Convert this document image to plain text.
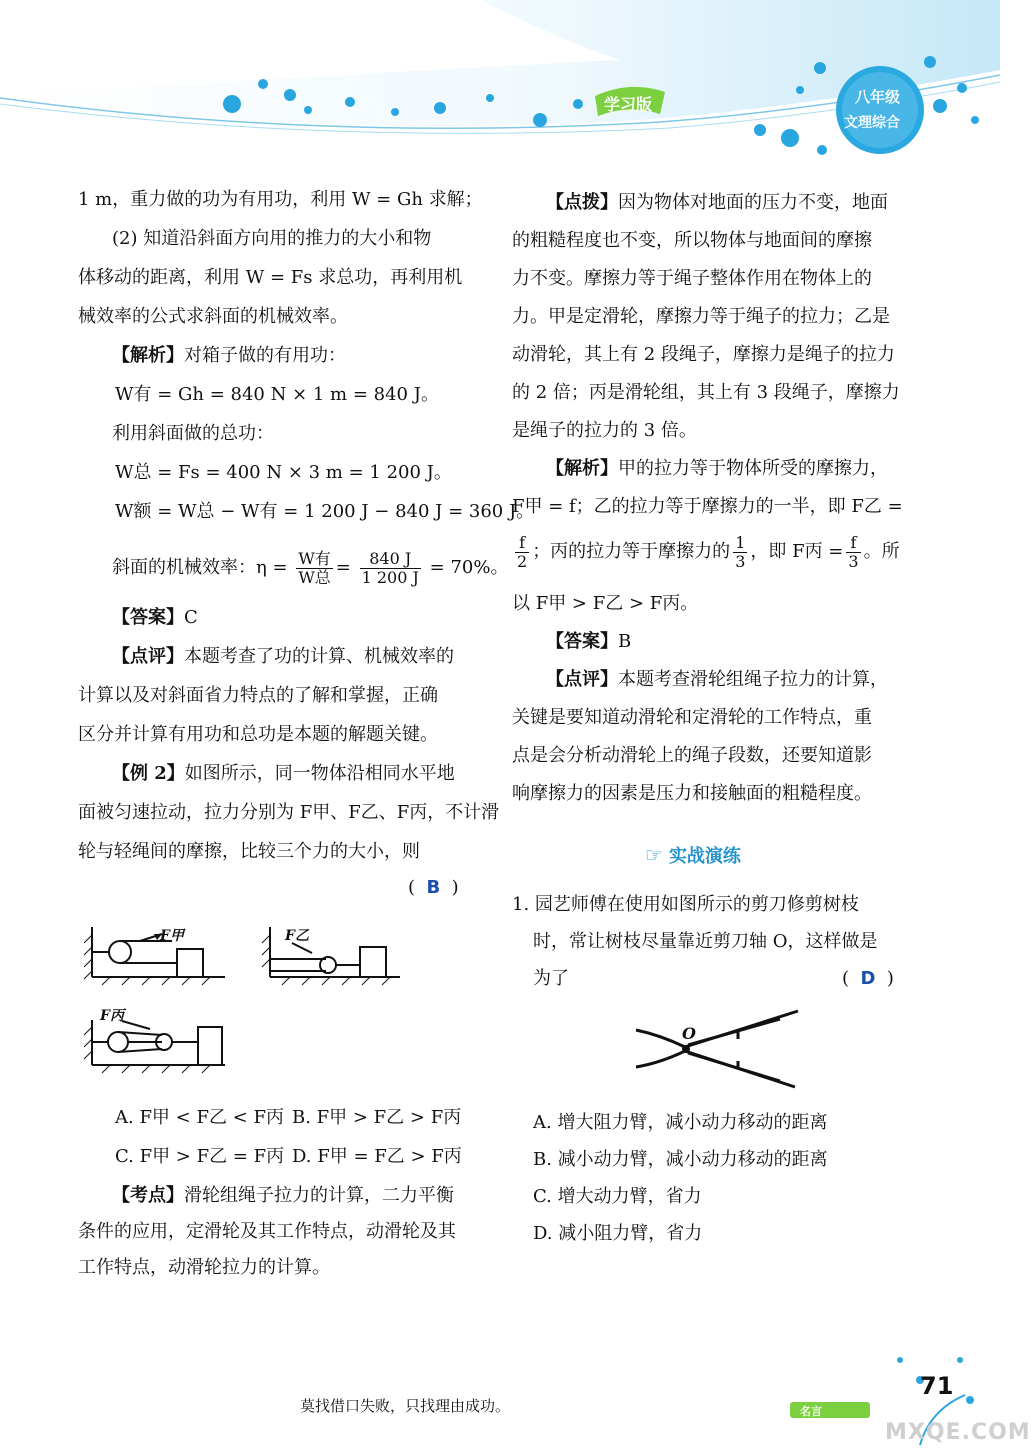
学习版	八年级
文理综合
1 m，重力做的功为有用功，利用 W = Gh 求解；
(2) 知道沿斜面方向用的推力的大小和物
体移动的距离，利用 W = Fs 求总功，再利用机
械效率的公式求斜面的机械效率。
【解析】对箱子做的有用功：
W有 = Gh = 840 N × 1 m = 840 J。
利用斜面做的总功：
W总 = Fs = 400 N × 3 m = 1 200 J。
W额 = W总 − W有 = 1 200 J − 840 J = 360 J。
斜面的机械效率：$\eta = \frac{\text{W有}}{\text{W总}} = \frac{840 J}{1 200 J} = 70\%$。
【答案】C
【点评】本题考查了功的计算、机械效率的
计算以及对斜面省力特点的了解和掌握，正确
区分并计算有用功和总功是本题的解题关键。
【例 2】如图所示，同一物体沿相同水平地
面被匀速拉动，拉力分别为 F甲、F乙、F丙，不计滑
轮与轻绳间的摩擦，比较三个力的大小，则
(  B  )
F甲	F乙
F丙
A. F甲 < F乙 < F丙 B. F甲 > F乙 > F丙
C. F甲 > F乙 = F丙 D. F甲 = F乙 > F丙
【考点】滑轮组绳子拉力的计算，二力平衡
条件的应用，定滑轮及其工作特点，动滑轮及其
工作特点，动滑轮拉力的计算。
【点拨】因为物体对地面的压力不变，地面
的粗糙程度也不变，所以物体与地面间的摩擦
力不变。摩擦力等于绳子整体作用在物体上的
力。甲是定滑轮，摩擦力等于绳子的拉力；乙是
动滑轮，其上有 2 段绳子，摩擦力是绳子的拉力
的 2 倍；丙是滑轮组，其上有 3 段绳子，摩擦力
是绳子的拉力的 3 倍。
【解析】甲的拉力等于物体所受的摩擦力，
F甲 = f；乙的拉力等于摩擦力的一半，即 F乙 =
$\frac{f}{2}$ ；丙的拉力等于摩擦力的 $\frac{1}{3}$ ，即 F丙 = $\frac{f}{3}$ 。所
以 F甲 > F乙 > F丙。
【答案】B
【点评】本题考查滑轮组绳子拉力的计算，
关键是要知道动滑轮和定滑轮的工作特点，重
点是会分析动滑轮上的绳子段数，还要知道影
响摩擦力的因素是压力和接触面的粗糙程度。
☞ 实战演练
1. 园艺师傅在使用如图所示的剪刀修剪树枝
时，常让树枝尽量靠近剪刀轴 O，这样做是
为了	(  D  )
O
A. 增大阻力臂，减小动力移动的距离
B. 减小动力臂，减小动力移动的距离
C. 增大动力臂，省力
D. 减小阻力臂，省力
莫找借口失败，只找理由成功。	名言
71
MXQE.COM
